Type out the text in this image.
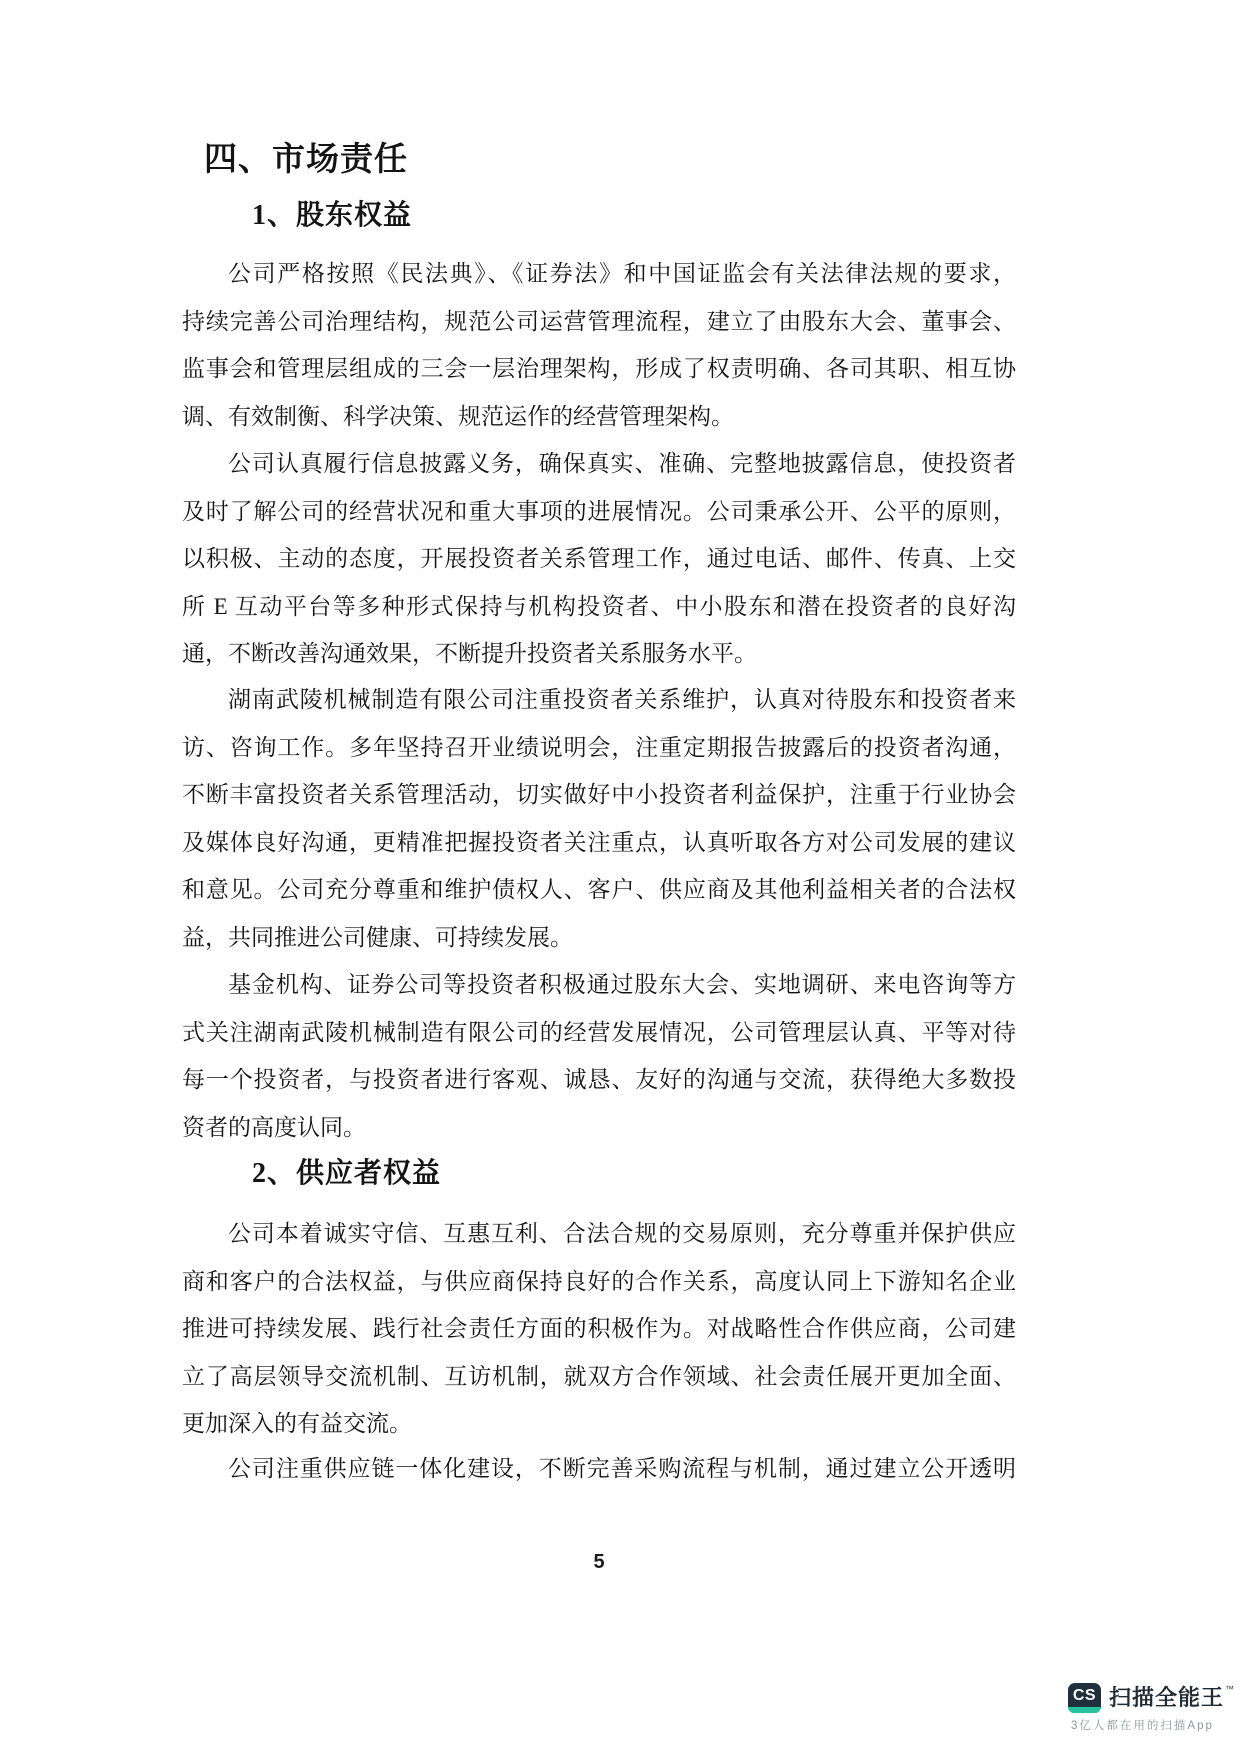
四、市场责任
1、股东权益
公司严格按照《民法典》、《证券法》和中国证监会有关法律法规的要求，
持续完善公司治理结构，规范公司运营管理流程，建立了由股东大会、董事会、
监事会和管理层组成的三会一层治理架构，形成了权责明确、各司其职、相互协
调、有效制衡、科学决策、规范运作的经营管理架构。
公司认真履行信息披露义务，确保真实、准确、完整地披露信息，使投资者
及时了解公司的经营状况和重大事项的进展情况。公司秉承公开、公平的原则，
以积极、主动的态度，开展投资者关系管理工作，通过电话、邮件、传真、上交
所 E 互动平台等多种形式保持与机构投资者、中小股东和潜在投资者的良好沟
通，不断改善沟通效果，不断提升投资者关系服务水平。
湖南武陵机械制造有限公司注重投资者关系维护，认真对待股东和投资者来
访、咨询工作。多年坚持召开业绩说明会，注重定期报告披露后的投资者沟通，
不断丰富投资者关系管理活动，切实做好中小投资者利益保护，注重于行业协会
及媒体良好沟通，更精准把握投资者关注重点，认真听取各方对公司发展的建议
和意见。公司充分尊重和维护债权人、客户、供应商及其他利益相关者的合法权
益，共同推进公司健康、可持续发展。
基金机构、证券公司等投资者积极通过股东大会、实地调研、来电咨询等方
式关注湖南武陵机械制造有限公司的经营发展情况，公司管理层认真、平等对待
每一个投资者，与投资者进行客观、诚恳、友好的沟通与交流，获得绝大多数投
资者的高度认同。
2、供应者权益
公司本着诚实守信、互惠互利、合法合规的交易原则，充分尊重并保护供应
商和客户的合法权益，与供应商保持良好的合作关系，高度认同上下游知名企业
推进可持续发展、践行社会责任方面的积极作为。对战略性合作供应商，公司建
立了高层领导交流机制、互访机制，就双方合作领域、社会责任展开更加全面、
更加深入的有益交流。
公司注重供应链一体化建设，不断完善采购流程与机制，通过建立公开透明
5
CS 扫描全能王 ™
3亿人都在用的扫描App
